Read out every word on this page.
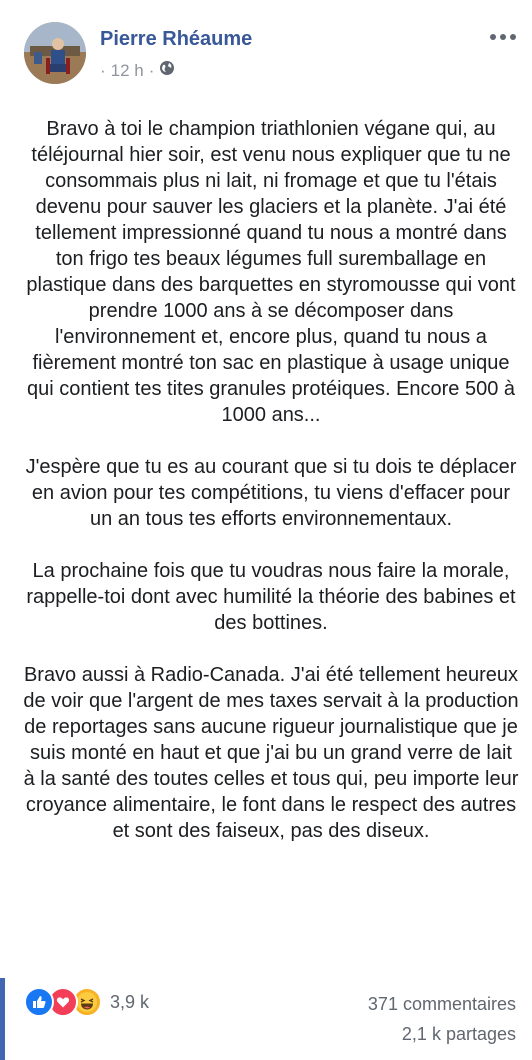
Pierre Rhéaume
· 12 h ·

Bravo à toi le champion triathlonien végane qui, au téléjournal hier soir, est venu nous expliquer que tu ne consommais plus ni lait, ni fromage et que tu l'étais devenu pour sauver les glaciers et la planète. J'ai été tellement impressionné quand tu nous a montré dans ton frigo tes beaux légumes full suremballage en plastique dans des barquettes en styromousse qui vont prendre 1000 ans à se décomposer dans l'environnement et, encore plus, quand tu nous a fièrement montré ton sac en plastique à usage unique qui contient tes tites granules protéiques. Encore 500 à 1000 ans...

J'espère que tu es au courant que si tu dois te déplacer en avion pour tes compétitions, tu viens d'effacer pour un an tous tes efforts environnementaux.

La prochaine fois que tu voudras nous faire la morale, rappelle-toi dont avec humilité la théorie des babines et des bottines.

Bravo aussi à Radio-Canada. J'ai été tellement heureux de voir que l'argent de mes taxes servait à la production de reportages sans aucune rigueur journalistique que je suis monté en haut et que j'ai bu un grand verre de lait à la santé des toutes celles et tous qui, peu importe leur croyance alimentaire, le font dans le respect des autres et sont des faiseux, pas des diseux.

3,9 k	371 commentaires
2,1 k partages
